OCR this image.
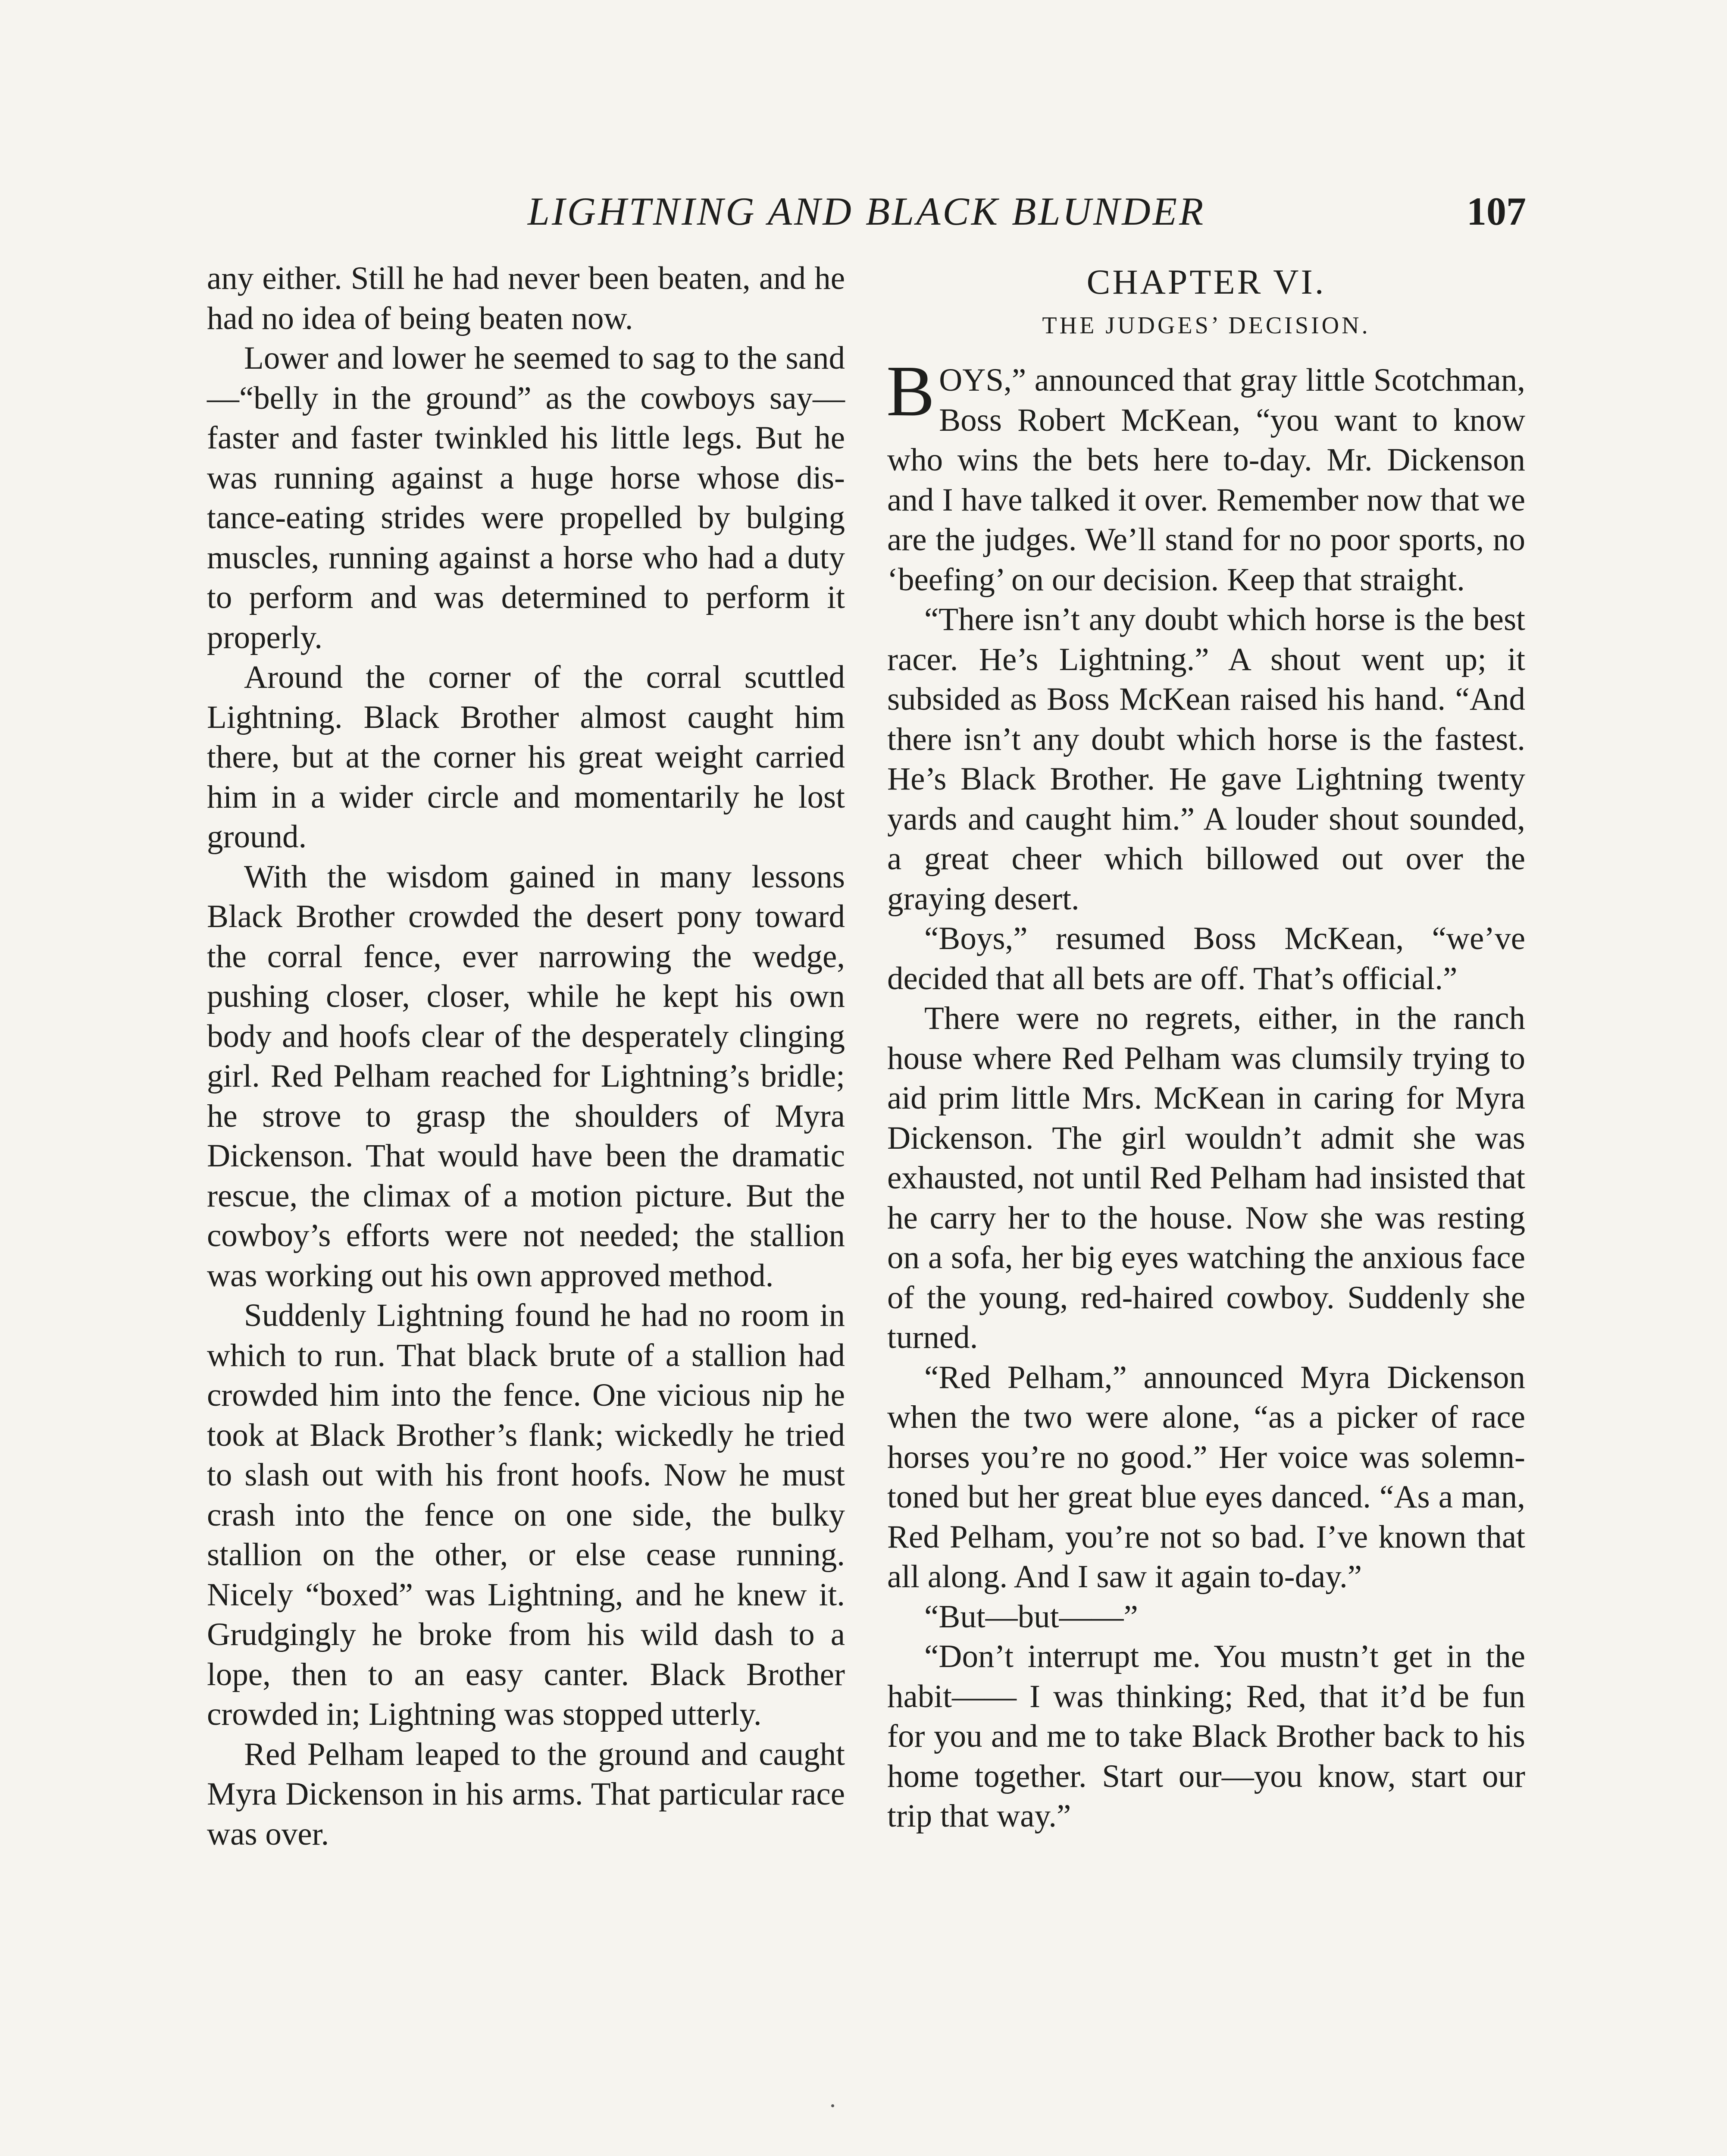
LIGHTNING AND BLACK BLUNDER	107

any either. Still he had never been beaten, and he had no idea of being beaten now.

Lower and lower he seemed to sag to the sand—“belly in the ground” as the cowboys say—faster and faster twinkled his little legs. But he was running against a huge horse whose distance-eating strides were propelled by bulging muscles, running against a horse who had a duty to perform and was determined to perform it properly.

Around the corner of the corral scuttled Lightning. Black Brother almost caught him there, but at the corner his great weight carried him in a wider circle and momentarily he lost ground.

With the wisdom gained in many lessons Black Brother crowded the desert pony toward the corral fence, ever narrowing the wedge, pushing closer, closer, while he kept his own body and hoofs clear of the desperately clinging girl. Red Pelham reached for Lightning’s bridle; he strove to grasp the shoulders of Myra Dickenson. That would have been the dramatic rescue, the climax of a motion picture. But the cowboy’s efforts were not needed; the stallion was working out his own approved method.

Suddenly Lightning found he had no room in which to run. That black brute of a stallion had crowded him into the fence. One vicious nip he took at Black Brother’s flank; wickedly he tried to slash out with his front hoofs. Now he must crash into the fence on one side, the bulky stallion on the other, or else cease running. Nicely “boxed” was Lightning, and he knew it. Grudgingly he broke from his wild dash to a lope, then to an easy canter. Black Brother crowded in; Lightning was stopped utterly.

Red Pelham leaped to the ground and caught Myra Dickenson in his arms. That particular race was over.

CHAPTER VI.
THE JUDGES’ DECISION.

BOYS,” announced that gray little Scotchman, Boss Robert McKean, “you want to know who wins the bets here to-day. Mr. Dickenson and I have talked it over. Remember now that we are the judges. We’ll stand for no poor sports, no ‘beefing’ on our decision. Keep that straight.

“There isn’t any doubt which horse is the best racer. He’s Lightning.” A shout went up; it subsided as Boss McKean raised his hand. “And there isn’t any doubt which horse is the fastest. He’s Black Brother. He gave Lightning twenty yards and caught him.” A louder shout sounded, a great cheer which billowed out over the graying desert.

“Boys,” resumed Boss McKean, “we’ve decided that all bets are off. That’s official.”

There were no regrets, either, in the ranch house where Red Pelham was clumsily trying to aid prim little Mrs. McKean in caring for Myra Dickenson. The girl wouldn’t admit she was exhausted, not until Red Pelham had insisted that he carry her to the house. Now she was resting on a sofa, her big eyes watching the anxious face of the young, red-haired cowboy. Suddenly she turned.

“Red Pelham,” announced Myra Dickenson when the two were alone, “as a picker of race horses you’re no good.” Her voice was solemn-toned but her great blue eyes danced. “As a man, Red Pelham, you’re not so bad. I’ve known that all along. And I saw it again to-day.”

“But—but——”

“Don’t interrupt me. You mustn’t get in the habit—— I was thinking; Red, that it’d be fun for you and me to take Black Brother back to his home together. Start our—you know, start our trip that way.”
